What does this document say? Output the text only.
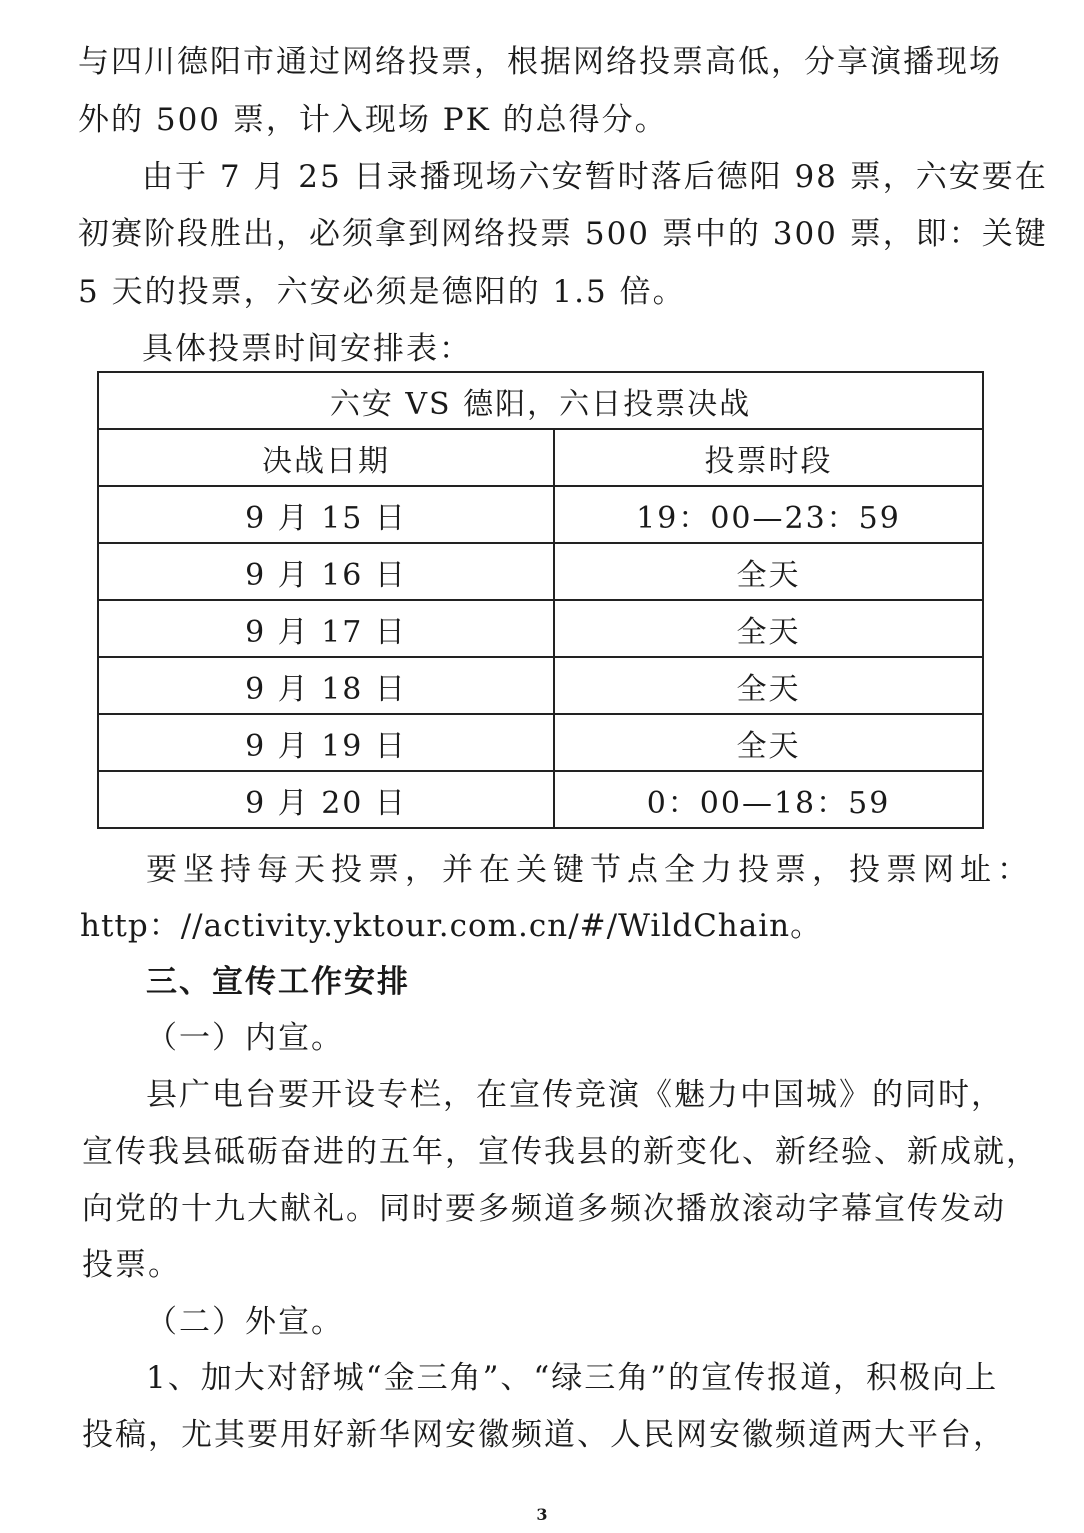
与四川德阳市通过网络投票，根据网络投票高低，分享演播现场
外的 500 票，计入现场 PK 的总得分。
由于 7 月 25 日录播现场六安暂时落后德阳 98 票，六安要在
初赛阶段胜出，必须拿到网络投票 500 票中的 300 票，即：关键
5 天的投票，六安必须是德阳的 1.5 倍。
具体投票时间安排表：
六安 VS 德阳，六日投票决战	
决战日期	投票时段
9 月 15 日	19：00—23：59
9 月 16 日	全天
9 月 17 日	全天
9 月 18 日	全天
9 月 19 日	全天
9 月 20 日	0：00—18：59
要坚持每天投票，并在关键节点全力投票，投票网址：
http：//activity.yktour.com.cn/#/WildChain。
三、宣传工作安排
（一）内宣。
县广电台要开设专栏，在宣传竞演《魅力中国城》的同时，
宣传我县砥砺奋进的五年，宣传我县的新变化、新经验、新成就，
向党的十九大献礼。同时要多频道多频次播放滚动字幕宣传发动
投票。
（二）外宣。
1、加大对舒城“金三角”、“绿三角”的宣传报道，积极向上
投稿，尤其要用好新华网安徽频道、人民网安徽频道两大平台，
3
